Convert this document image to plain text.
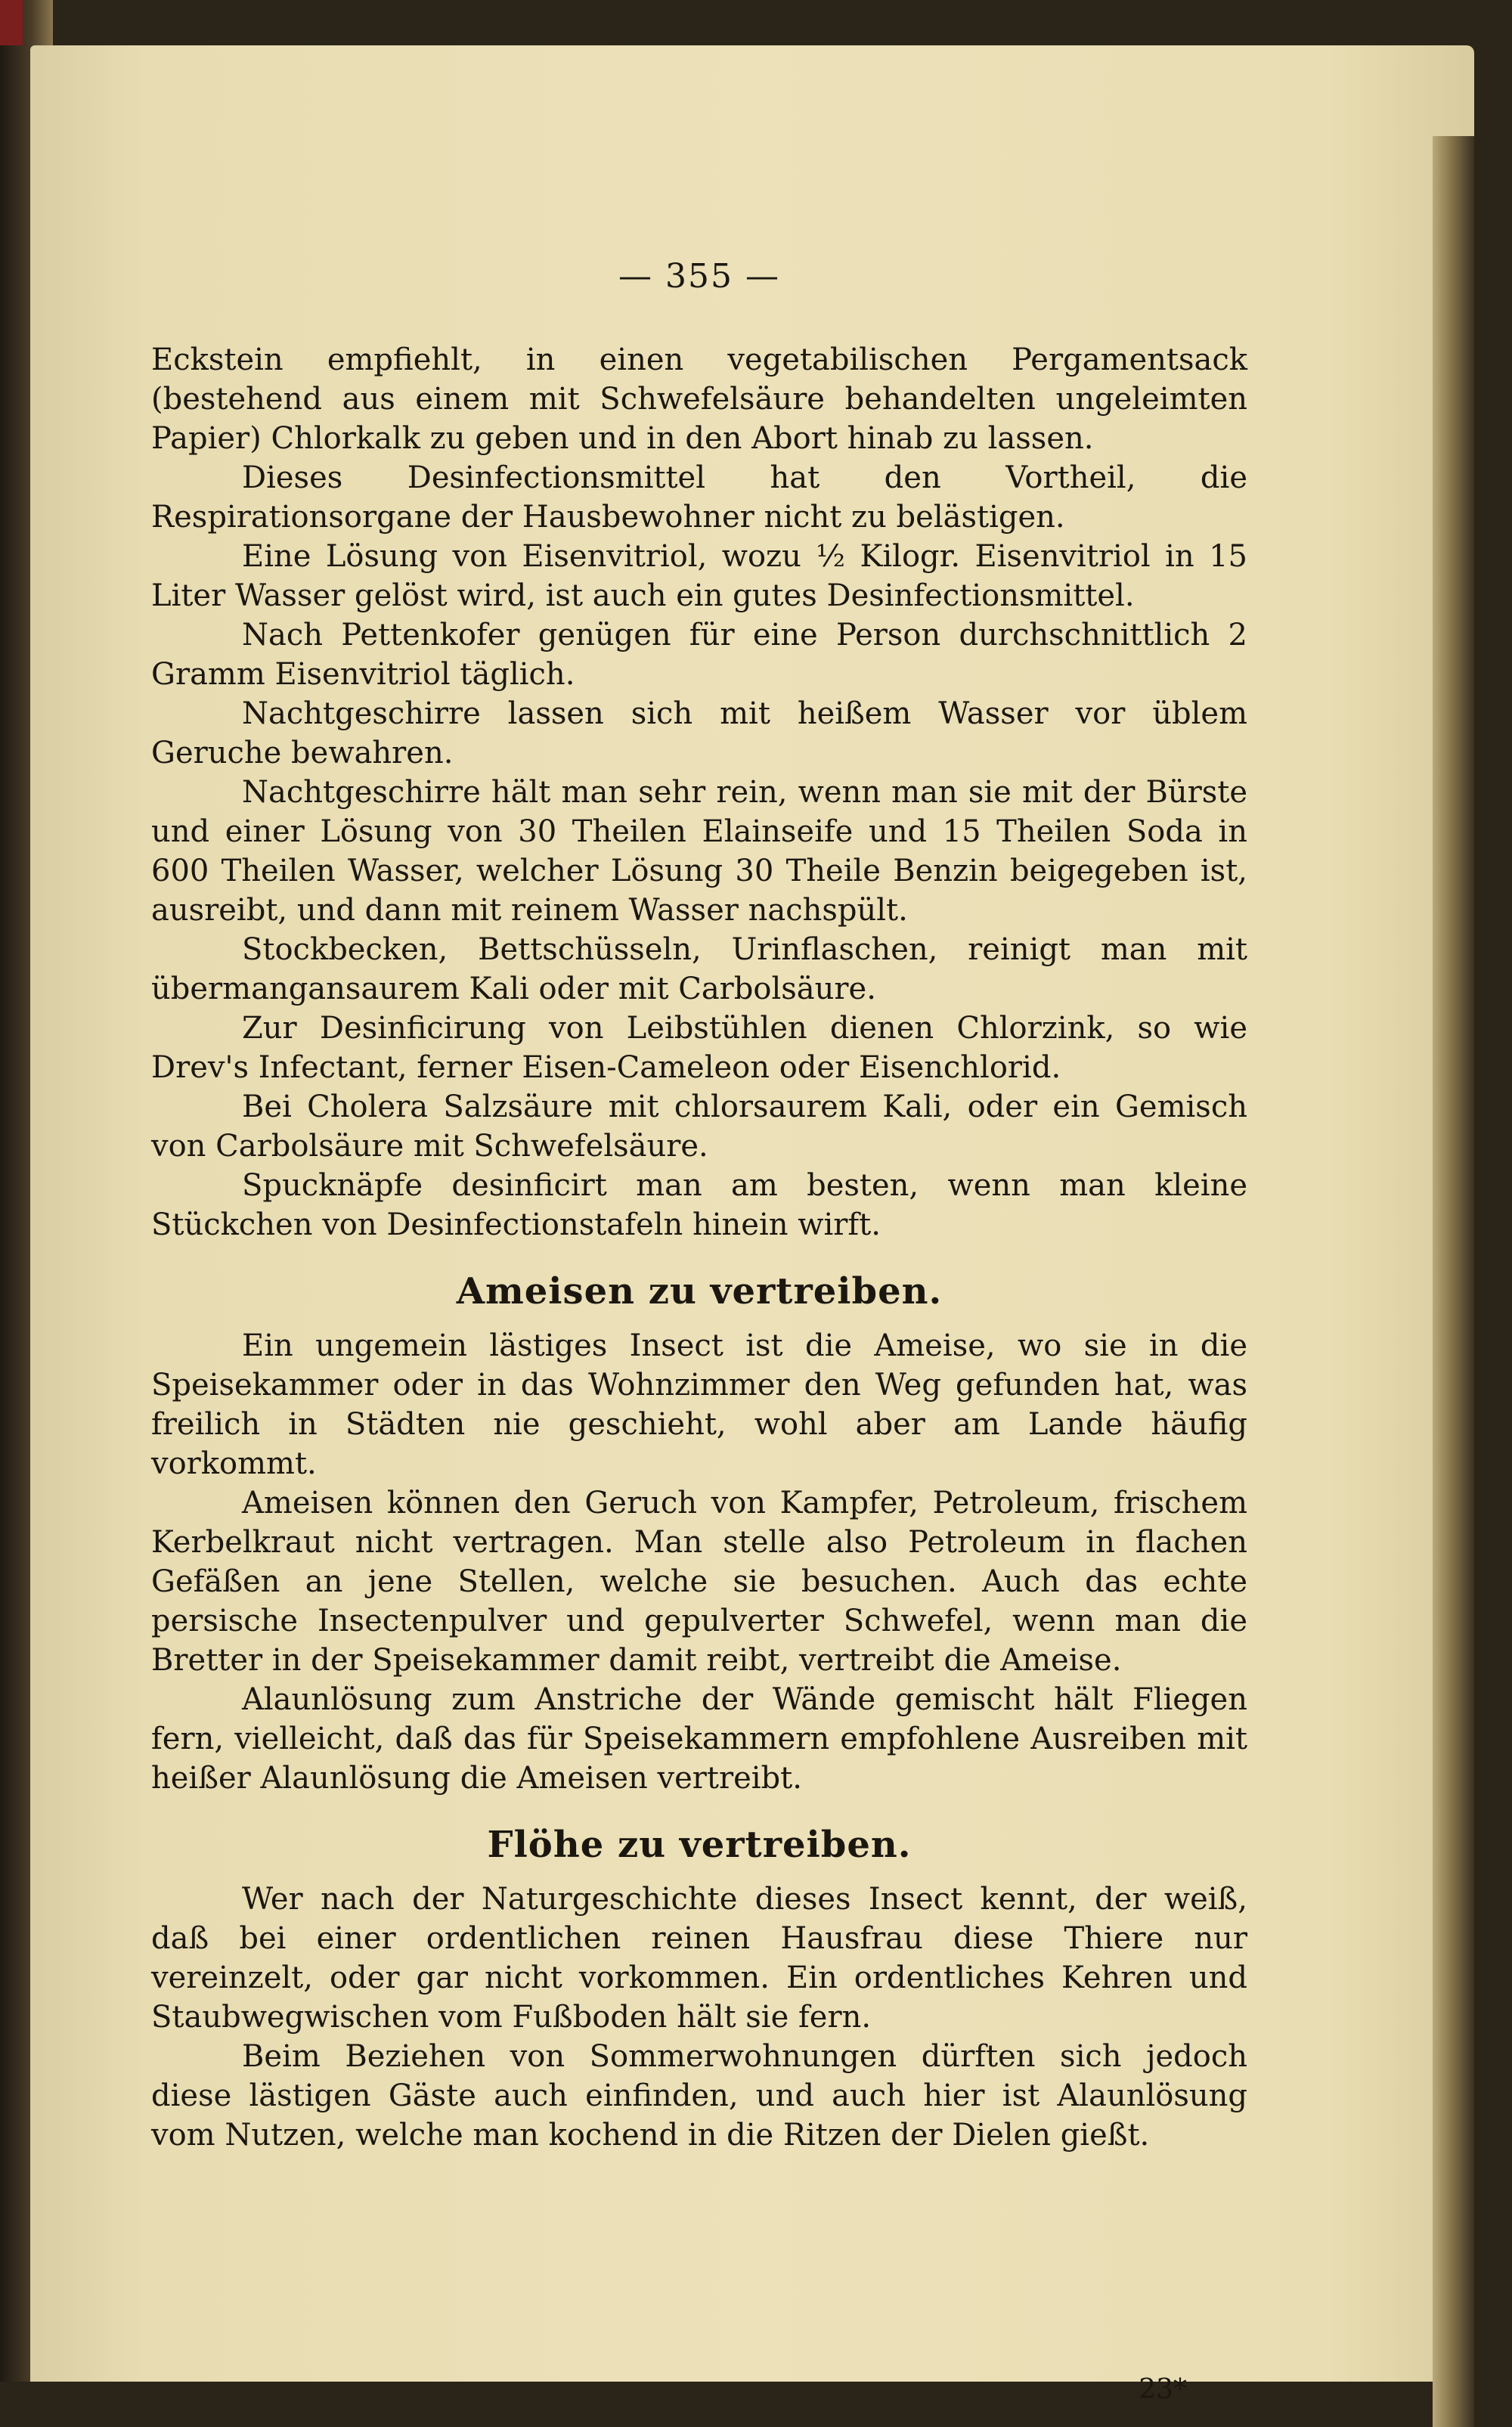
— 355 —

Eckstein empfiehlt, in einen vegetabilischen Pergamentsack (bestehend aus einem mit Schwefelsäure behandelten ungeleimten Papier) Chlorkalk zu geben und in den Abort hinab zu lassen.

Dieses Desinfectionsmittel hat den Vortheil, die Respirationsorgane der Hausbewohner nicht zu belästigen.

Eine Lösung von Eisenvitriol, wozu ½ Kilogr. Eisenvitriol in 15 Liter Wasser gelöst wird, ist auch ein gutes Desinfectionsmittel.

Nach Pettenkofer genügen für eine Person durchschnittlich 2 Gramm Eisenvitriol täglich.

Nachtgeschirre lassen sich mit heißem Wasser vor üblem Geruche bewahren.

Nachtgeschirre hält man sehr rein, wenn man sie mit der Bürste und einer Lösung von 30 Theilen Elainseife und 15 Theilen Soda in 600 Theilen Wasser, welcher Lösung 30 Theile Benzin beigegeben ist, ausreibt, und dann mit reinem Wasser nachspült.

Stockbecken, Bettschüsseln, Urinflaschen, reinigt man mit übermangansaurem Kali oder mit Carbolsäure.

Zur Desinficirung von Leibstühlen dienen Chlorzink, so wie Drev's Infectant, ferner Eisen-Cameleon oder Eisenchlorid.

Bei Cholera Salzsäure mit chlorsaurem Kali, oder ein Gemisch von Carbolsäure mit Schwefelsäure.

Spucknäpfe desinficirt man am besten, wenn man kleine Stückchen von Desinfectionstafeln hinein wirft.

Ameisen zu vertreiben.

Ein ungemein lästiges Insect ist die Ameise, wo sie in die Speisekammer oder in das Wohnzimmer den Weg gefunden hat, was freilich in Städten nie geschieht, wohl aber am Lande häufig vorkommt.

Ameisen können den Geruch von Kampfer, Petroleum, frischem Kerbelkraut nicht vertragen. Man stelle also Petroleum in flachen Gefäßen an jene Stellen, welche sie besuchen. Auch das echte persische Insectenpulver und gepulverter Schwefel, wenn man die Bretter in der Speisekammer damit reibt, vertreibt die Ameise.

Alaunlösung zum Anstriche der Wände gemischt hält Fliegen fern, vielleicht, daß das für Speisekammern empfohlene Ausreiben mit heißer Alaunlösung die Ameisen vertreibt.

Flöhe zu vertreiben.

Wer nach der Naturgeschichte dieses Insect kennt, der weiß, daß bei einer ordentlichen reinen Hausfrau diese Thiere nur vereinzelt, oder gar nicht vorkommen. Ein ordentliches Kehren und Staubwegwischen vom Fußboden hält sie fern.

Beim Beziehen von Sommerwohnungen dürften sich jedoch diese lästigen Gäste auch einfinden, und auch hier ist Alaunlösung vom Nutzen, welche man kochend in die Ritzen der Dielen gießt.

23*
